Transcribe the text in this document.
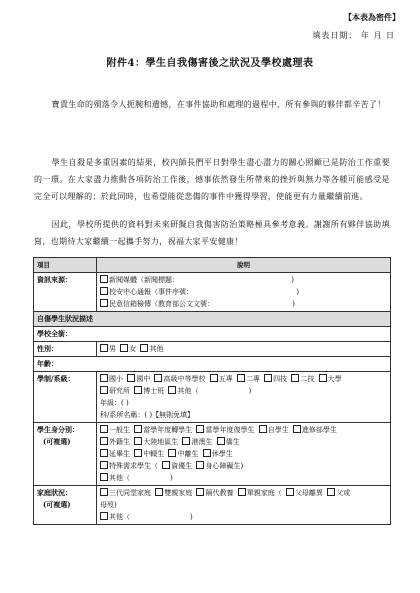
【本表為密件】
填表日期： 年 月 日
附件4：學生自我傷害後之狀況及學校處理表

寶貴生命的殞落令人扼腕和遺憾，在事件協助和處理的過程中，所有參與的夥伴都辛苦了！

學生自殺是多重因素的結果，校內師長們平日對學生盡心盡力的關心照顧已是防治工作重要的一環。在大家盡力推動各項防治工作後，憾事依然發生所帶來的挫折與無力等各種可能感受是完全可以理解的；於此同時，也希望能從悲傷的事件中獲得學習，使能更有力量繼續前進。

因此，學校所提供的資料對未來研擬自我傷害防治策略極具參考意義。謝謝所有夥伴協助填寫，也期待大家繼續一起攜手努力，祝福大家平安健康！

項目	說明
資訊來源：	新聞媒體（新聞標題： )
校安中心通報（事件序號： )
民意信箱檢傳（教育部公文文號： )

自傷學生狀況描述	
學校全銜：	
性別：	男 女 其他
年齡：	
學制/系級：	國小 國中 高級中等學校 五專 二專 四技 二技 大學
研究所 博士班 其他（ )
年級：( )
科/系所名稱：( )【無則免填】

學生身分別：
(可複選)	一般生 當學年度轉學生 當學年度復學生 自學生 進修部學生
外籍生 大陸地區生 港澳生 僑生
延畢生 中輟生 中離生 休學生
特殊需求學生（ 資優生 身心障礙生)
其他（ )

家庭狀況：
(可複選)	三代同堂家庭 雙親家庭 隔代教養 單親家庭（ 父母離異 父或
母歿)
其他（ )
